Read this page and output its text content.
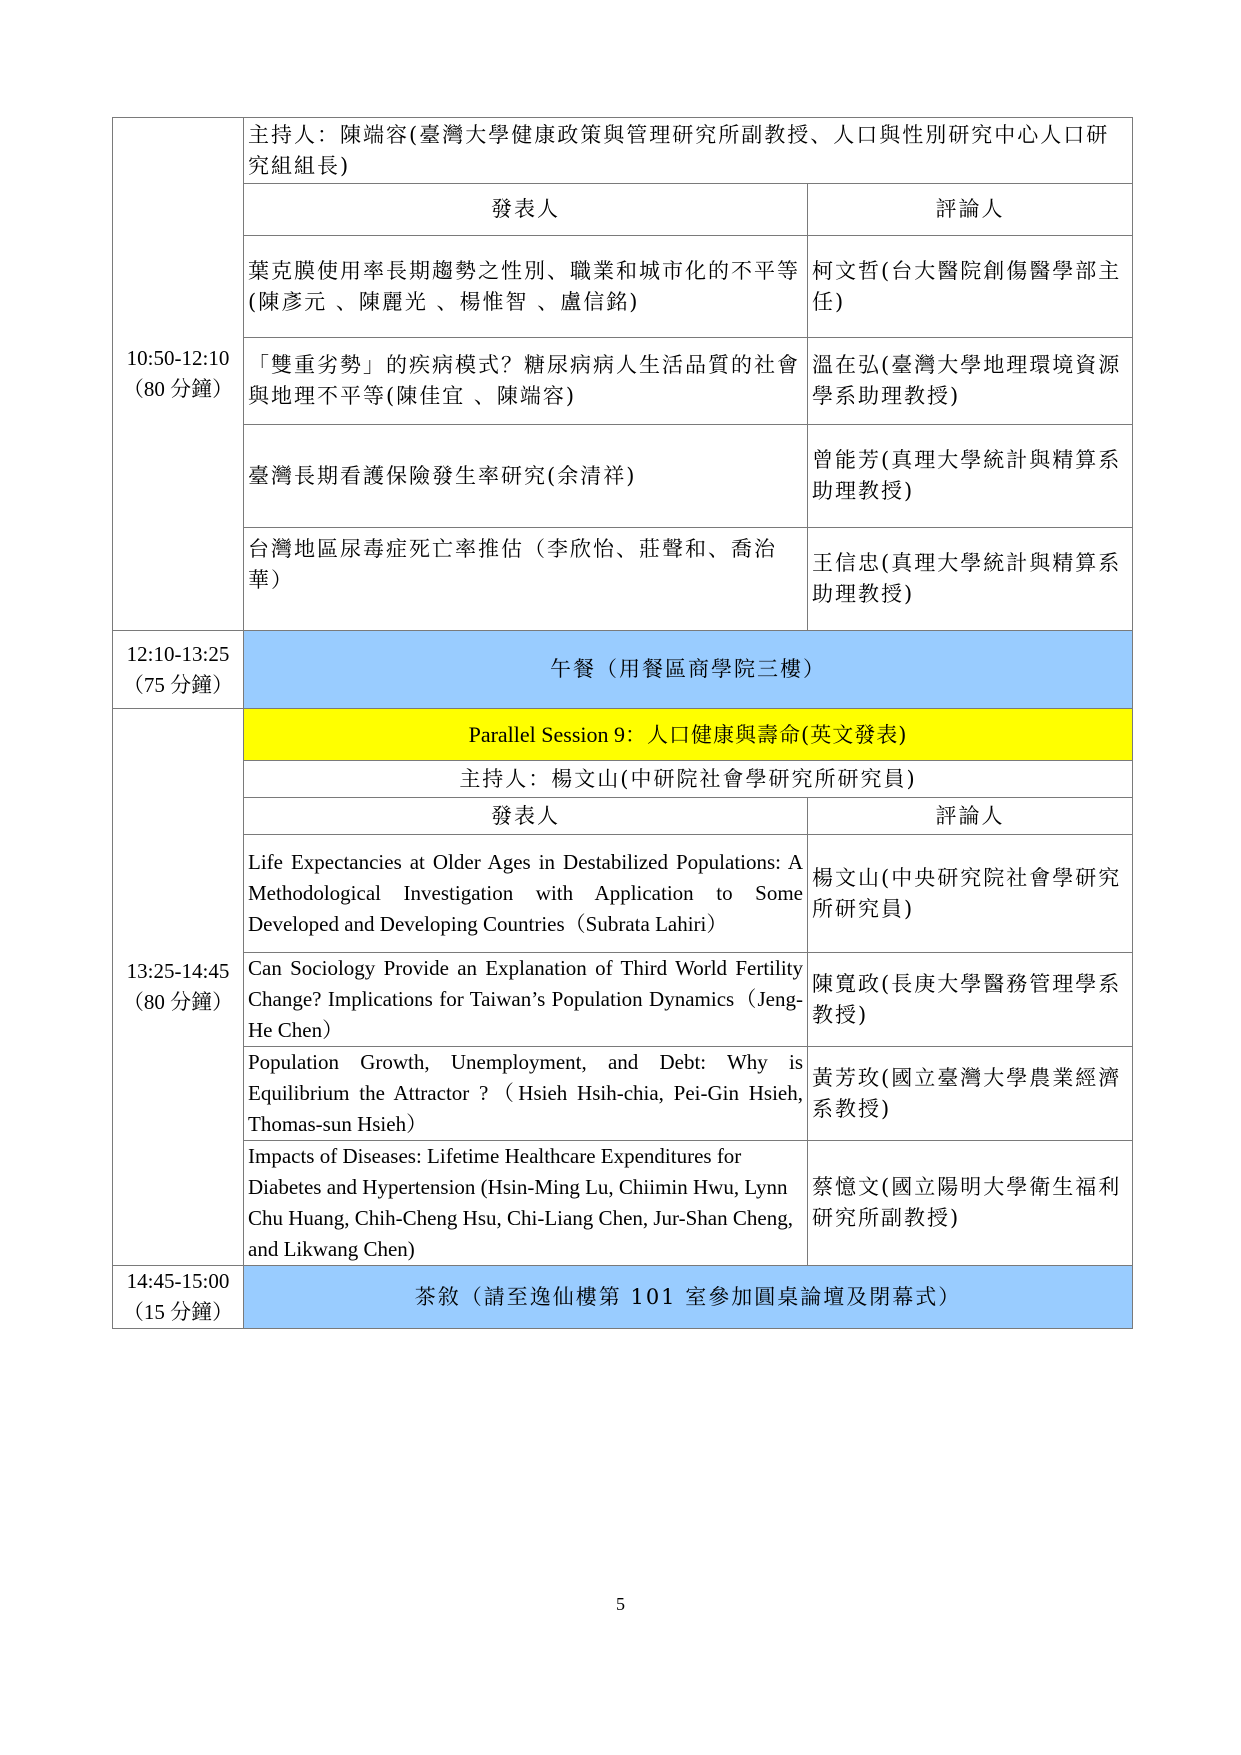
10:50-12:10
（80 分鐘）	主持人：陳端容(臺灣大學健康政策與管理研究所副教授、人口與性別研究中心人口研究組組長)	
	發表人	評論人
	葉克膜使用率長期趨勢之性別、職業和城市化的不平等(陳彥元 、陳麗光 、楊惟智 、盧信銘)	柯文哲(台大醫院創傷醫學部主任)
	「雙重劣勢」的疾病模式？糖尿病病人生活品質的社會與地理不平等(陳佳宜 、陳端容)	溫在弘(臺灣大學地理環境資源學系助理教授)
	臺灣長期看護保險發生率研究(余清祥)	曾能芳(真理大學統計與精算系助理教授)
	台灣地區尿毒症死亡率推估（李欣怡、莊聲和、喬治華）	王信忠(真理大學統計與精算系助理教授)

12:10-13:25
（75 分鐘）	午餐（用餐區商學院三樓）	

13:25-14:45
（80 分鐘）	Parallel Session 9：人口健康與壽命(英文發表)	
	主持人：楊文山(中研院社會學研究所研究員)	
	發表人	評論人
	Life Expectancies at Older Ages in Destabilized Populations: A Methodological Investigation with Application to Some Developed and Developing Countries（Subrata Lahiri）	楊文山(中央研究院社會學研究所研究員)
	Can Sociology Provide an Explanation of Third World Fertility Change? Implications for Taiwan’s Population Dynamics（Jeng-He Chen）	陳寬政(長庚大學醫務管理學系教授)
	Population Growth, Unemployment, and Debt: Why is Equilibrium the Attractor ?（Hsieh Hsih-chia, Pei-Gin Hsieh, Thomas-sun Hsieh）	黃芳玫(國立臺灣大學農業經濟系教授)
	Impacts of Diseases: Lifetime Healthcare Expenditures for Diabetes and Hypertension (Hsin-Ming Lu, Chiimin Hwu, Lynn Chu Huang, Chih-Cheng Hsu, Chi-Liang Chen, Jur-Shan Cheng, and Likwang Chen)	蔡憶文(國立陽明大學衛生福利研究所副教授)

14:45-15:00
（15 分鐘）	茶敘（請至逸仙樓第 101 室參加圓桌論壇及閉幕式）	
5
